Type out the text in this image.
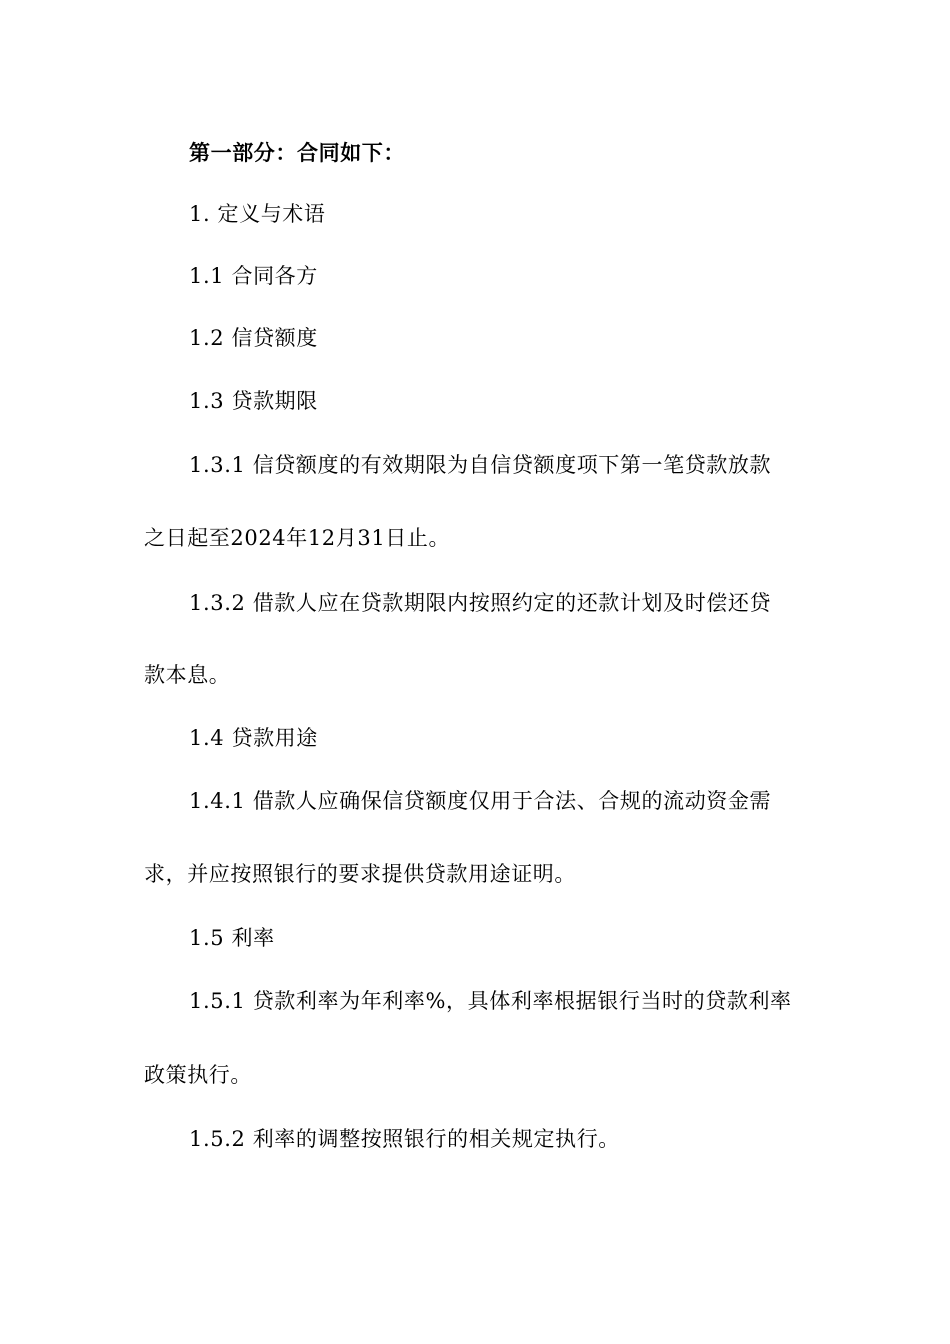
第一部分：合同如下：
1. 定义与术语
1.1 合同各方
1.2 信贷额度
1.3 贷款期限
1.3.1 信贷额度的有效期限为自信贷额度项下第一笔贷款放款
之日起至2024年12月31日止。
1.3.2 借款人应在贷款期限内按照约定的还款计划及时偿还贷
款本息。
1.4 贷款用途
1.4.1 借款人应确保信贷额度仅用于合法、合规的流动资金需
求，并应按照银行的要求提供贷款用途证明。
1.5 利率
1.5.1 贷款利率为年利率%，具体利率根据银行当时的贷款利率
政策执行。
1.5.2 利率的调整按照银行的相关规定执行。
